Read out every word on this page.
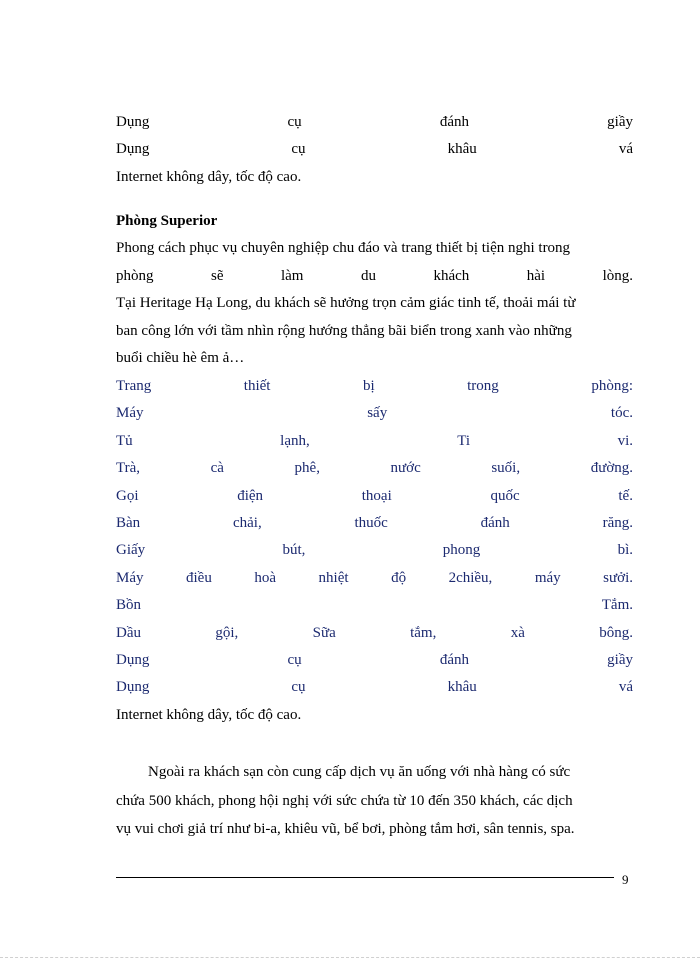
Dụng	cụ	đánh	giầy
Dụng	cụ	khâu	vá
Internet không dây, tốc độ cao.
Phòng Superior
Phong cách phục vụ chuyên nghiệp chu đáo và trang thiết bị tiện nghi trong
phòng	sẽ	làm	du	khách	hài	lòng.
Tại Heritage Hạ Long, du khách sẽ hưởng trọn cảm giác tinh tế, thoải mái từ
ban công lớn với tầm nhìn rộng hướng thẳng bãi biển trong xanh vào những
buổi chiều hè êm ả…
Trang	thiết	bị	trong	phòng:
Máy	sấy	tóc.
Tủ	lạnh,	Ti	vi.
Trà,	cà	phê,	nước	suối,	đường.
Gọi	điện	thoại	quốc	tế.
Bàn	chải,	thuốc	đánh	răng.
Giấy	bút,	phong	bì.
Máy	điều	hoà	nhiệt	độ	2chiều,	máy	sưởi.
Bồn	Tắm.
Dầu	gội,	Sữa	tắm,	xà	bông.
Dụng	cụ	đánh	giầy
Dụng	cụ	khâu	vá
Internet không dây, tốc độ cao.
Ngoài ra khách sạn còn cung cấp dịch vụ ăn uống với nhà hàng có sức
chứa 500 khách, phong hội nghị với sức chứa từ 10 đến 350 khách, các dịch
vụ vui chơi giả trí như bi-a, khiêu vũ, bể bơi, phòng tắm hơi, sân tennis, spa.
9
